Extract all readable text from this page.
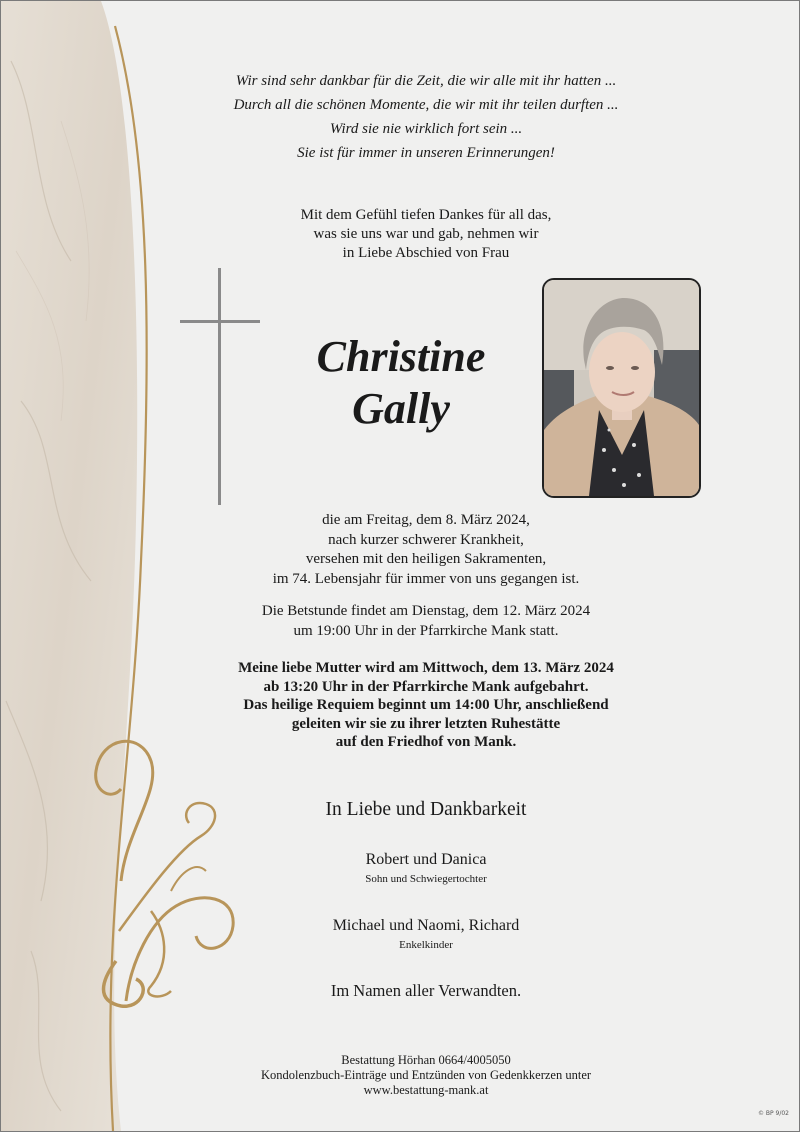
Wir sind sehr dankbar für die Zeit, die wir alle mit ihr hatten ...
Durch all die schönen Momente, die wir mit ihr teilen durften ...
Wird sie nie wirklich fort sein ...
Sie ist für immer in unseren Erinnerungen!
Mit dem Gefühl tiefen Dankes für all das,
was sie uns war und gab, nehmen wir
in Liebe Abschied von Frau
Christine
Gally
die am Freitag, dem 8. März 2024,
nach kurzer schwerer Krankheit,
versehen mit den heiligen Sakramenten,
im 74. Lebensjahr für immer von uns gegangen ist.
Die Betstunde findet am Dienstag, dem 12. März 2024
um 19:00 Uhr in der Pfarrkirche Mank statt.
Meine liebe Mutter wird am Mittwoch, dem 13. März 2024
ab 13:20 Uhr in der Pfarrkirche Mank aufgebahrt.
Das heilige Requiem beginnt um 14:00 Uhr, anschließend
geleiten wir sie zu ihrer letzten Ruhestätte
auf den Friedhof von Mank.
In Liebe und Dankbarkeit
Robert und Danica
Sohn und Schwiegertochter
Michael und Naomi, Richard
Enkelkinder
Im Namen aller Verwandten.
Bestattung Hörhan 0664/4005050
Kondolenzbuch-Einträge und Entzünden von Gedenkkerzen unter
www.bestattung-mank.at
© BP 9/02
